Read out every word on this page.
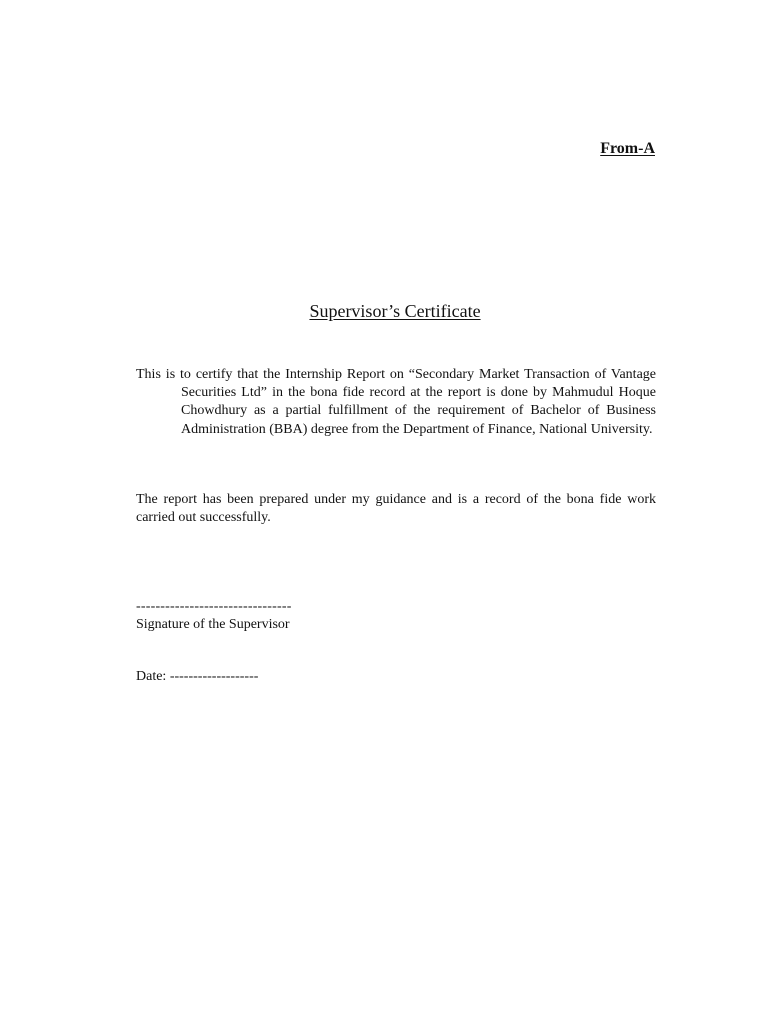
From-A
Supervisor’s Certificate

This is to certify that the Internship Report on “Secondary Market Transaction of Vantage Securities Ltd” in the bona fide record at the report is done by Mahmudul Hoque Chowdhury as a partial fulfillment of the requirement of Bachelor of Business Administration (BBA) degree from the Department of Finance, National University.

The report has been prepared under my guidance and is a record of the bona fide work carried out successfully.

--------------------------------
Signature of the Supervisor
Date: -------------------
